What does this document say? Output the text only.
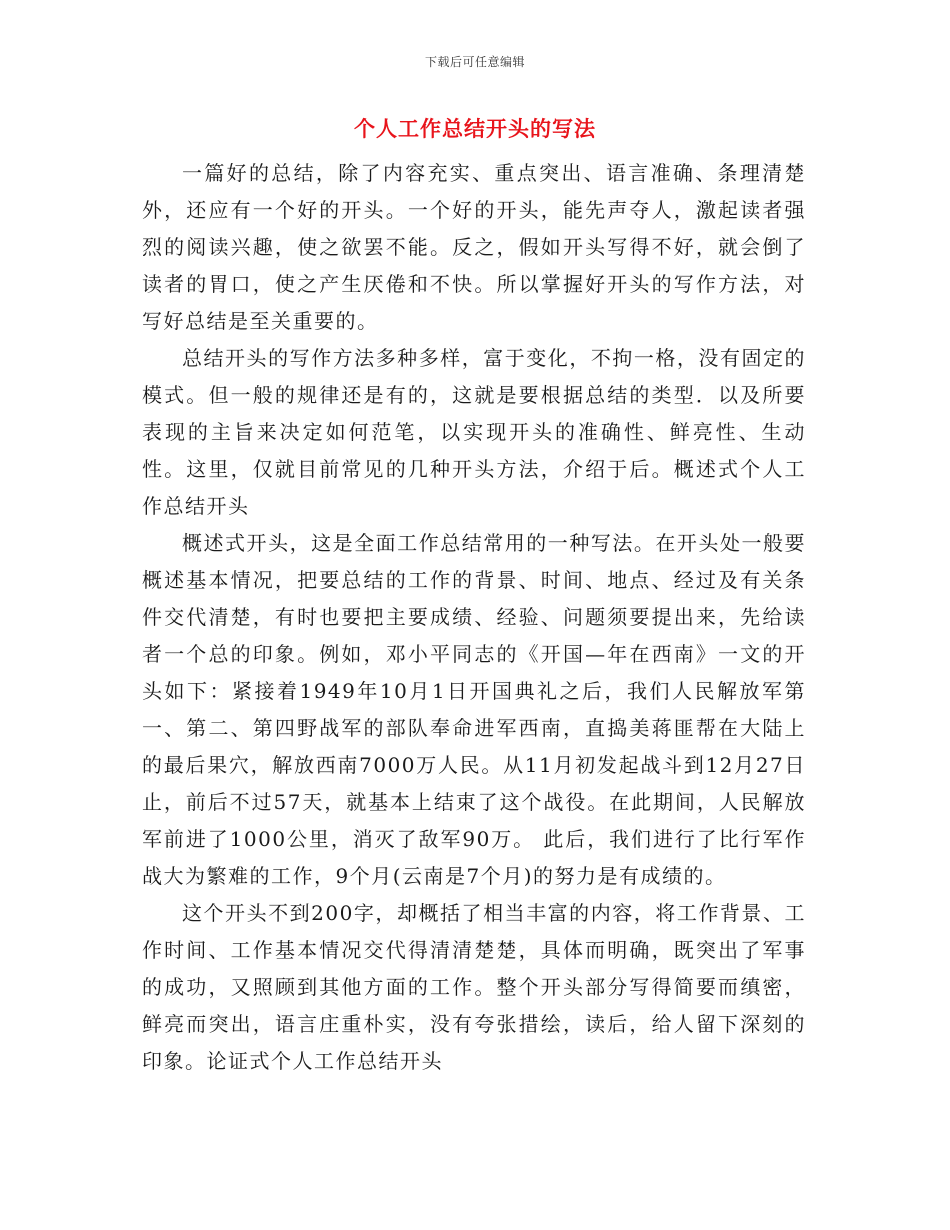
下载后可任意编辑
个人工作总结开头的写法

一篇好的总结，除了内容充实、重点突出、语言准确、条理清楚外，还应有一个好的开头。一个好的开头，能先声夺人，激起读者强烈的阅读兴趣，使之欲罢不能。反之，假如开头写得不好，就会倒了读者的胃口，使之产生厌倦和不快。所以掌握好开头的写作方法，对写好总结是至关重要的。

总结开头的写作方法多种多样，富于变化，不拘一格，没有固定的模式。但一般的规律还是有的，这就是要根据总结的类型．以及所要表现的主旨来决定如何范笔，以实现开头的准确性、鲜亮性、生动性。这里，仅就目前常见的几种开头方法，介绍于后。概述式个人工作总结开头

概述式开头，这是全面工作总结常用的一种写法。在开头处一般要概述基本情况，把要总结的工作的背景、时间、地点、经过及有关条件交代清楚，有时也要把主要成绩、经验、问题须要提出来，先给读者一个总的印象。例如，邓小平同志的《开国—年在西南》一文的开头如下：紧接着1949年10月1日开国典礼之后，我们人民解放军第一、第二、第四野战军的部队奉命进军西南，直捣美蒋匪帮在大陆上的最后果穴，解放西南7000万人民。从11月初发起战斗到12月27日止，前后不过57天，就基本上结束了这个战役。在此期间，人民解放军前进了1000公里，消灭了敌军90万。 此后，我们进行了比行军作战大为繁难的工作，9个月(云南是7个月)的努力是有成绩的。

这个开头不到200字，却概括了相当丰富的内容，将工作背景、工作时间、工作基本情况交代得清清楚楚，具体而明确，既突出了军事的成功，又照顾到其他方面的工作。整个开头部分写得简要而缜密，鲜亮而突出，语言庄重朴实，没有夸张措绘，读后，给人留下深刻的印象。论证式个人工作总结开头
